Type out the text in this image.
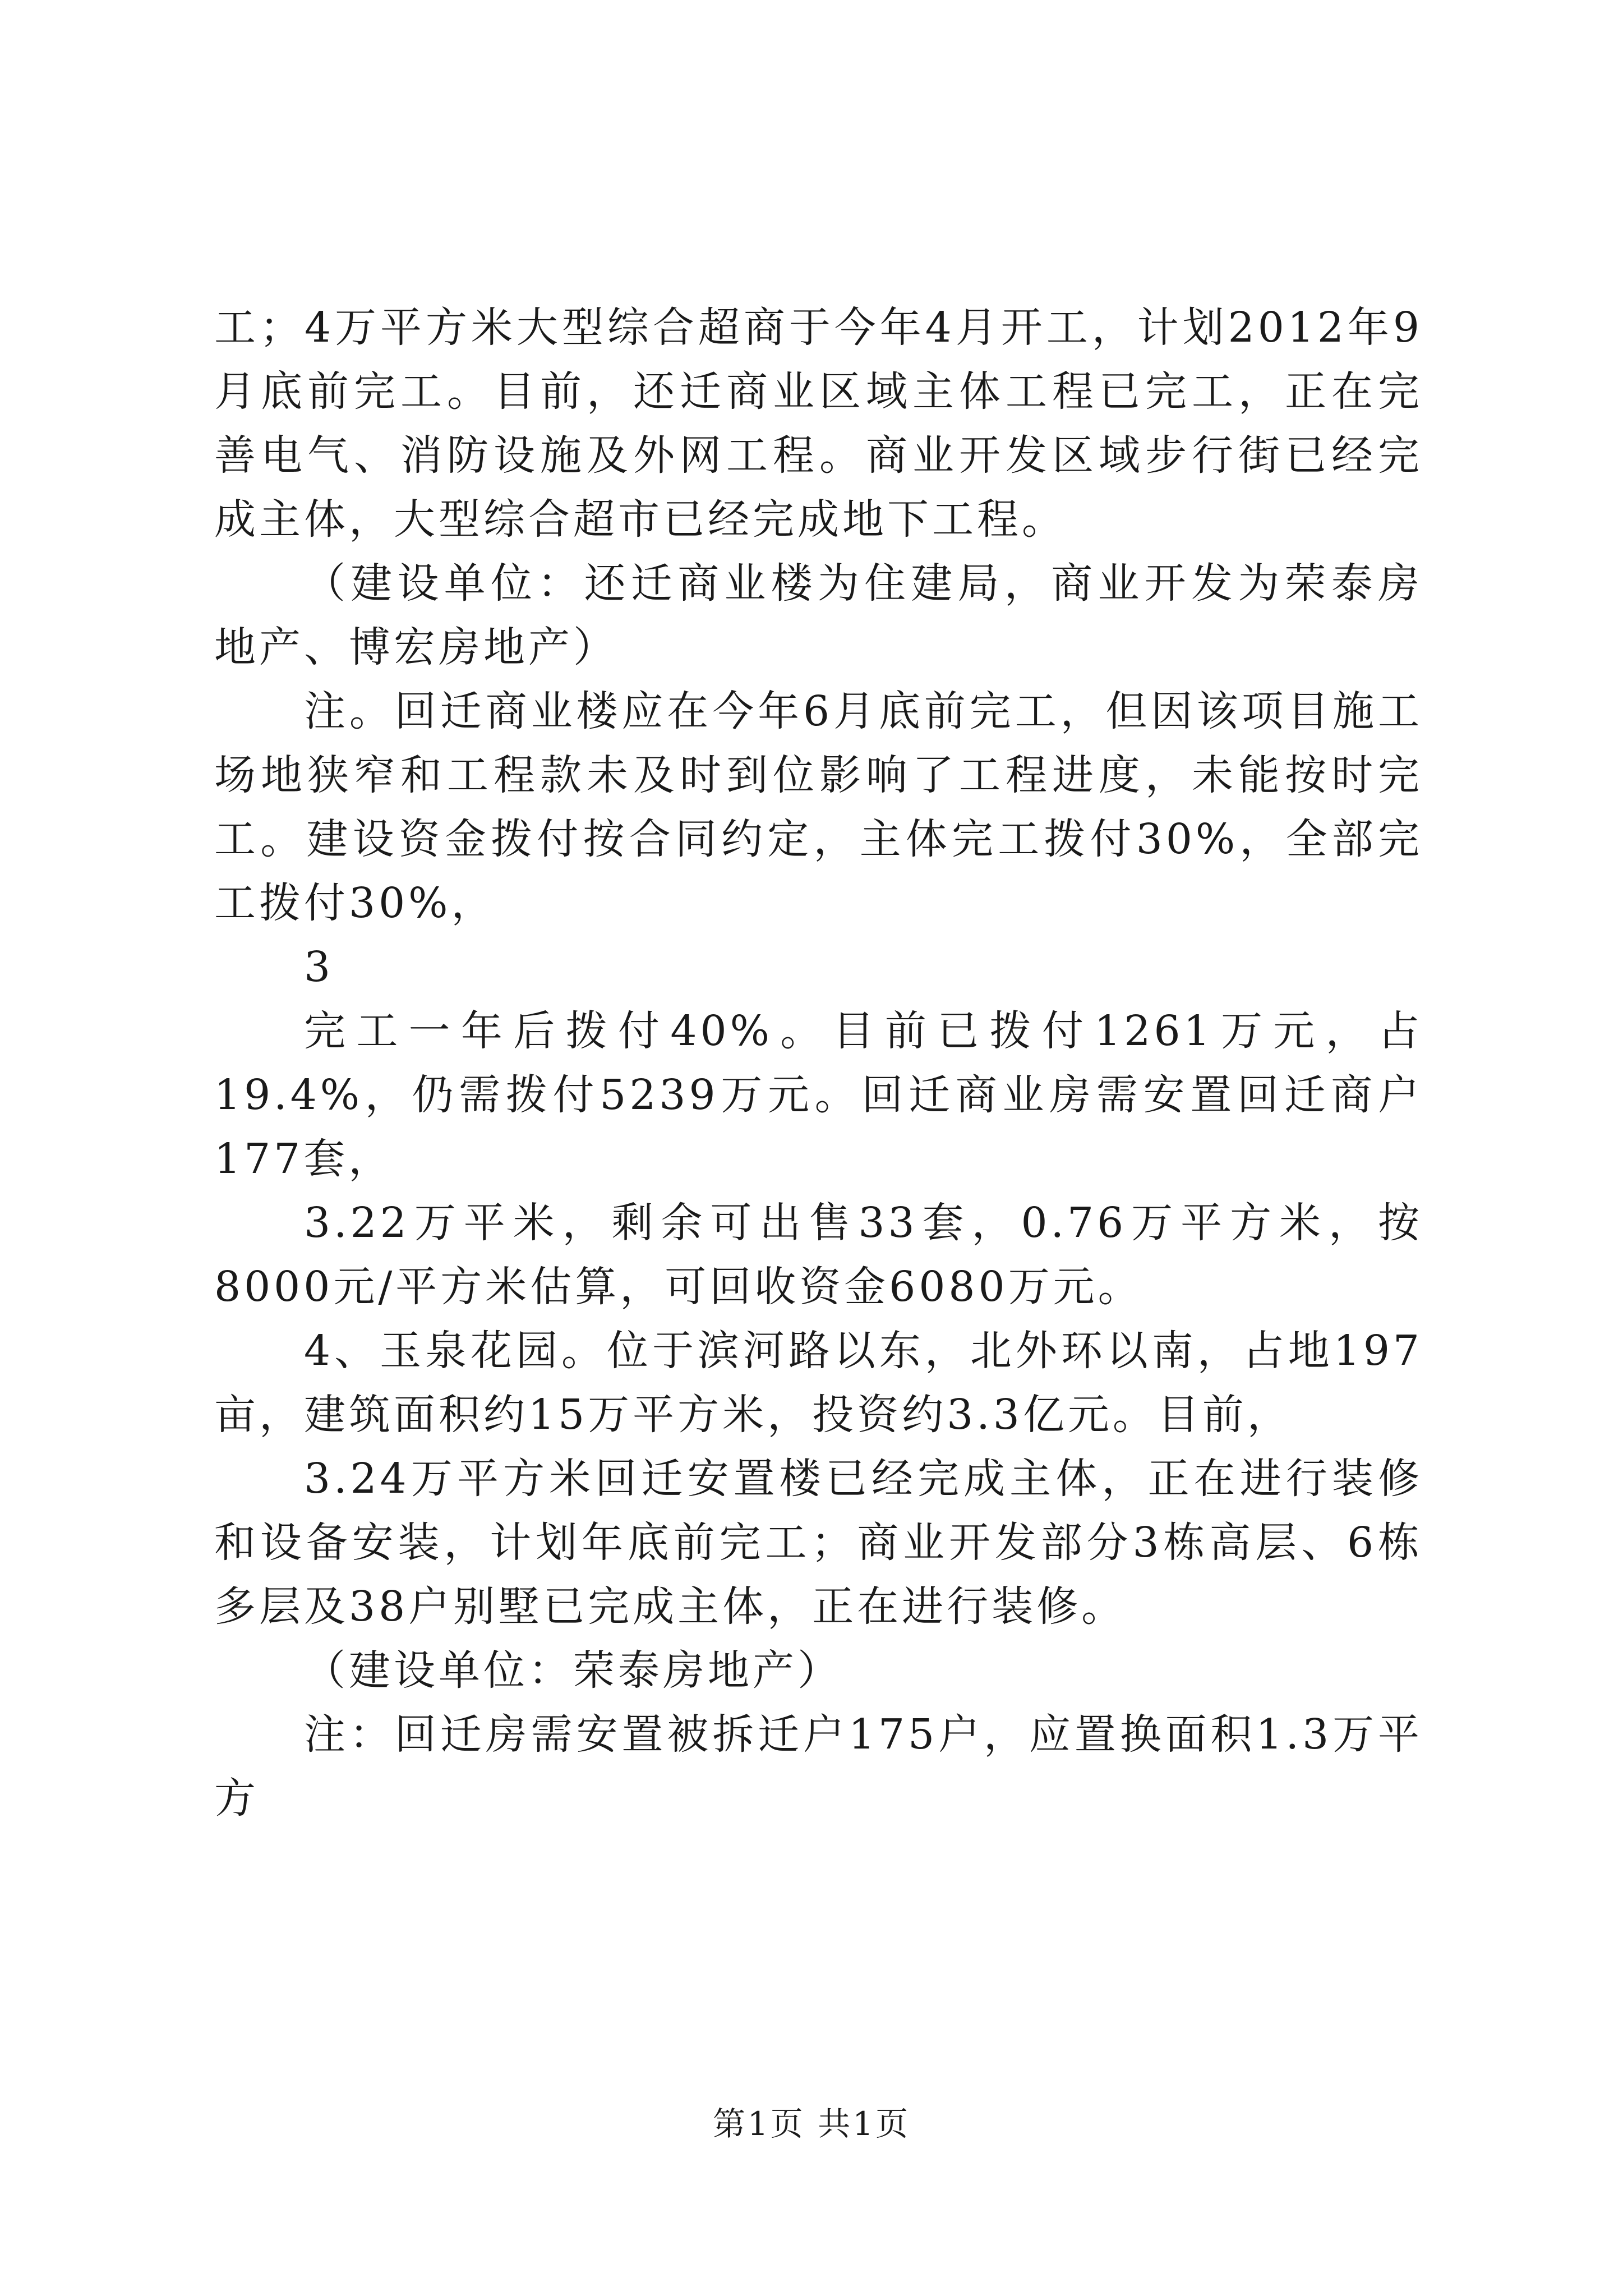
工；4万平方米大型综合超商于今年4月开工，计划2012年9月底前完工。目前，还迁商业区域主体工程已完工，正在完善电气、消防设施及外网工程。商业开发区域步行街已经完成主体，大型综合超市已经完成地下工程。

（建设单位：还迁商业楼为住建局，商业开发为荣泰房地产、博宏房地产）

注。回迁商业楼应在今年6月底前完工，但因该项目施工场地狭窄和工程款未及时到位影响了工程进度，未能按时完工。建设资金拨付按合同约定，主体完工拨付30%，全部完工拨付30%，

3

完工一年后拨付40%。目前已拨付1261万元，占19.4%，仍需拨付5239万元。回迁商业房需安置回迁商户177套，

3.22万平米，剩余可出售33套，0.76万平方米，按8000元/平方米估算，可回收资金6080万元。

4、玉泉花园。位于滨河路以东，北外环以南，占地197亩，建筑面积约15万平方米，投资约3.3亿元。目前，

3.24万平方米回迁安置楼已经完成主体，正在进行装修和设备安装，计划年底前完工；商业开发部分3栋高层、6栋多层及38户别墅已完成主体，正在进行装修。

（建设单位：荣泰房地产）

注：回迁房需安置被拆迁户175户，应置换面积1.3万平方

第1页 共1页
